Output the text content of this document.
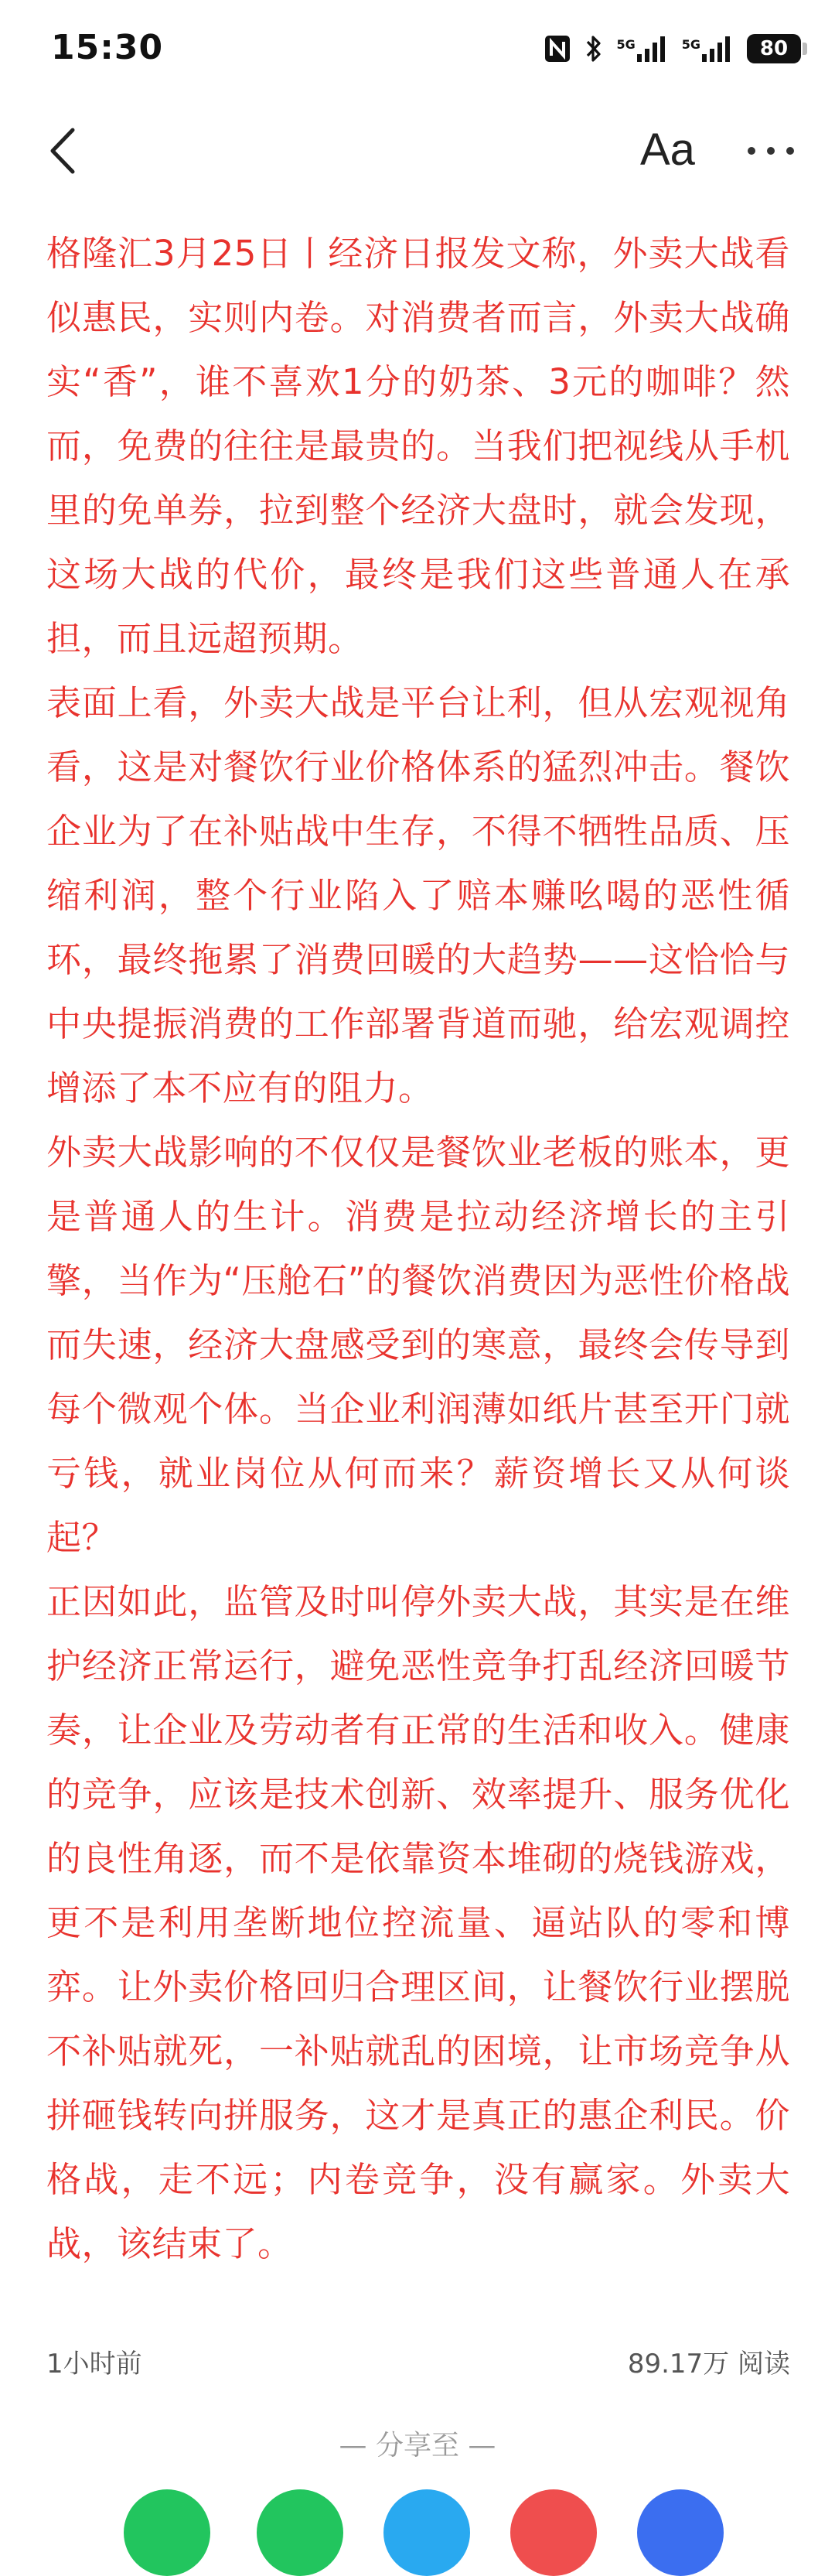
15:30	5G	5G	80
Aa

格隆汇3月25日丨经济日报发文称，外卖大战看似惠民，实则内卷。对消费者而言，外卖大战确实“香”，谁不喜欢1分的奶茶、3元的咖啡？然而，免费的往往是最贵的。当我们把视线从手机里的免单券，拉到整个经济大盘时，就会发现，这场大战的代价，最终是我们这些普通人在承担，而且远超预期。

表面上看，外卖大战是平台让利，但从宏观视角看，这是对餐饮行业价格体系的猛烈冲击。餐饮企业为了在补贴战中生存，不得不牺牲品质、压缩利润，整个行业陷入了赔本赚吆喝的恶性循环，最终拖累了消费回暖的大趋势——这恰恰与中央提振消费的工作部署背道而驰，给宏观调控增添了本不应有的阻力。

外卖大战影响的不仅仅是餐饮业老板的账本，更是普通人的生计。消费是拉动经济增长的主引擎，当作为“压舱石”的餐饮消费因为恶性价格战而失速，经济大盘感受到的寒意，最终会传导到每个微观个体。当企业利润薄如纸片甚至开门就亏钱，就业岗位从何而来？薪资增长又从何谈起？

正因如此，监管及时叫停外卖大战，其实是在维护经济正常运行，避免恶性竞争打乱经济回暖节奏，让企业及劳动者有正常的生活和收入。健康的竞争，应该是技术创新、效率提升、服务优化的良性角逐，而不是依靠资本堆砌的烧钱游戏，更不是利用垄断地位控流量、逼站队的零和博弈。让外卖价格回归合理区间，让餐饮行业摆脱不补贴就死，一补贴就乱的困境，让市场竞争从拼砸钱转向拼服务，这才是真正的惠企利民。价格战，走不远；内卷竞争，没有赢家。外卖大战，该结束了。

1小时前	89.17万 阅读
— 分享至 —
